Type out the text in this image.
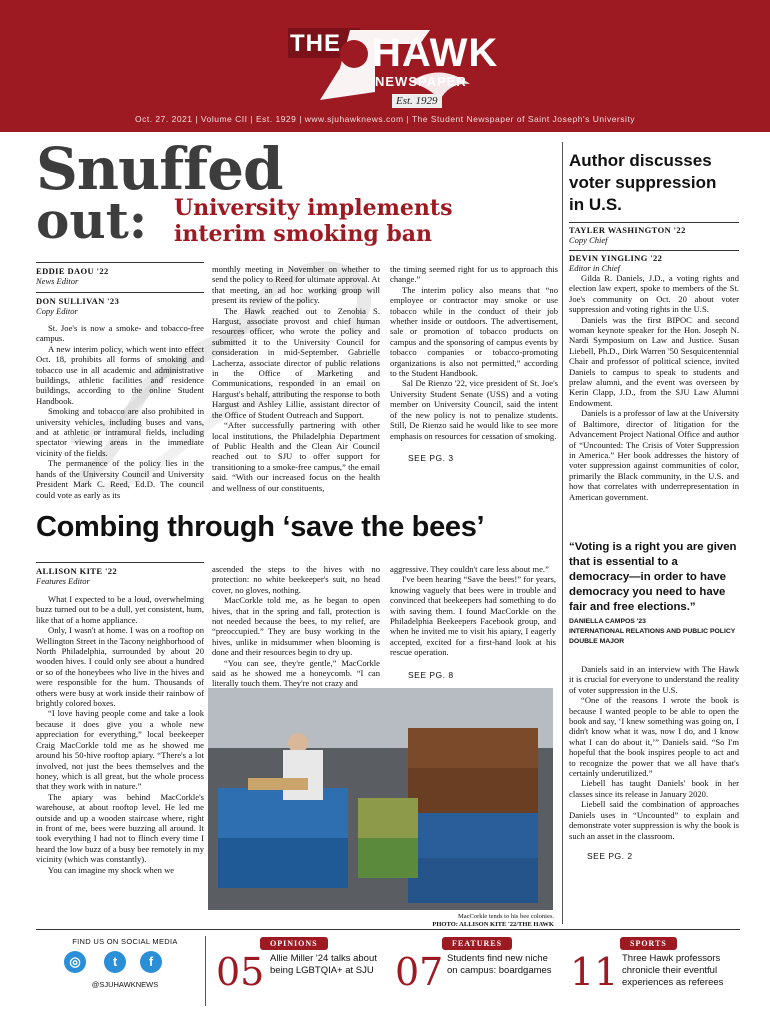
THE HAWK
NEWSPAPER
Est. 1929
Oct. 27. 2021 | Volume CII | Est. 1929 | www.sjuhawknews.com | The Student Newspaper of Saint Joseph's University
Snuffed
out: University implements
interim smoking ban
EDDIE DAOU '22
News Editor
DON SULLIVAN '23
Copy Editor

St. Joe's is now a smoke- and tobacco-free campus.

A new interim policy, which went into effect Oct. 18, prohibits all forms of smoking and tobacco use in all academic and administrative buildings, athletic facilities and residence buildings, according to the online Student Handbook.

Smoking and tobacco are also prohibited in university vehicles, including buses and vans, and at athletic or intramural fields, including spectator viewing areas in the immediate vicinity of the fields.

The permanence of the policy lies in the hands of the University Council and University President Mark C. Reed, Ed.D. The council could vote as early as its

monthly meeting in November on whether to send the policy to Reed for ultimate approval. At that meeting, an ad hoc working group will present its review of the policy.

The Hawk reached out to Zenobia S. Hargust, associate provost and chief human resources officer, who wrote the policy and submitted it to the University Council for consideration in mid-September. Gabrielle Lacherza, associate director of public relations in the Office of Marketing and Communications, responded in an email on Hargust's behalf, attributing the response to both Hargust and Ashley Lillie, assistant director of the Office of Student Outreach and Support.

“After successfully partnering with other local institutions, the Philadelphia Department of Public Health and the Clean Air Council reached out to SJU to offer support for transitioning to a smoke-free campus,” the email said. “With our increased focus on the health and wellness of our constituents,

the timing seemed right for us to approach this change.”

The interim policy also means that “no employee or contractor may smoke or use tobacco while in the conduct of their job whether inside or outdoors. The advertisement, sale or promotion of tobacco products on campus and the sponsoring of campus events by tobacco companies or tobacco-promoting organizations is also not permitted,” according to the Student Handbook.

Sal De Rienzo '22, vice president of St. Joe's University Student Senate (USS) and a voting member on University Council, said the intent of the new policy is not to penalize students. Still, De Rienzo said he would like to see more emphasis on resources for cessation of smoking.

SEE PG. 3
Author discusses
voter suppression
in U.S.
TAYLER WASHINGTON '22
Copy Chief
DEVIN YINGLING '22
Editor in Chief

Gilda R. Daniels, J.D., a voting rights and election law expert, spoke to members of the St. Joe's community on Oct. 20 about voter suppression and voting rights in the U.S.

Daniels was the first BIPOC and second woman keynote speaker for the Hon. Joseph N. Nardi Symposium on Law and Justice. Susan Liebell, Ph.D., Dirk Warren '50 Sesquicentennial Chair and professor of political science, invited Daniels to campus to speak to students and prelaw alumni, and the event was overseen by Kerin Clapp, J.D., from the SJU Law Alumni Endowment.

Daniels is a professor of law at the University of Baltimore, director of litigation for the Advancement Project National Office and author of “Uncounted: The Crisis of Voter Suppression in America.” Her book addresses the history of voter suppression against communities of color, primarily the Black community, in the U.S. and how that correlates with underrepresentation in American government.

“Voting is a right you are given that is essential to a democracy—in order to have democracy you need to have fair and free elections.”
DANIELLA CAMPOS '23
INTERNATIONAL RELATIONS AND PUBLIC POLICY DOUBLE MAJOR

Daniels said in an interview with The Hawk it is crucial for everyone to understand the reality of voter suppression in the U.S.

“One of the reasons I wrote the book is because I wanted people to be able to open the book and say, ‘I knew something was going on, I didn't know what it was, now I do, and I know what I can do about it,’” Daniels said. “So I'm hopeful that the book inspires people to act and to recognize the power that we all have that's certainly underutilized.”

Liebell has taught Daniels' book in her classes since its release in January 2020.

Liebell said the combination of approaches Daniels uses in “Uncounted” to explain and demonstrate voter suppression is why the book is such an asset in the classroom.

SEE PG. 2
Combing through ‘save the bees’
ALLISON KITE '22
Features Editor

What I expected to be a loud, overwhelming buzz turned out to be a dull, yet consistent, hum, like that of a home appliance.

Only, I wasn't at home. I was on a rooftop on Wellington Street in the Tacony neighborhood of North Philadelphia, surrounded by about 20 wooden hives. I could only see about a hundred or so of the honeybees who live in the hives and were responsible for the hum. Thousands of others were busy at work inside their rainbow of brightly colored boxes.

“I love having people come and take a look because it does give you a whole new appreciation for everything,” local beekeeper Craig MacCorkle told me as he showed me around his 50-hive rooftop apiary. “There's a lot involved, not just the bees themselves and the honey, which is all great, but the whole process that they work with in nature.”

The apiary was behind MacCorkle's warehouse, at about rooftop level. He led me outside and up a wooden staircase where, right in front of me, bees were buzzing all around. It took everything I had not to flinch every time I heard the low buzz of a busy bee remotely in my vicinity (which was constantly).

You can imagine my shock when we

ascended the steps to the hives with no protection: no white beekeeper's suit, no head cover, no gloves, nothing.

MacCorkle told me, as he began to open hives, that in the spring and fall, protection is not needed because the bees, to my relief, are “preoccupied.” They are busy working in the hives, unlike in midsummer when blooming is done and their resources begin to dry up.

“You can see, they're gentle,” MacCorkle said as he showed me a honeycomb. “I can literally touch them. They're not crazy and

aggressive. They couldn't care less about me.”

I've been hearing “Save the bees!” for years, knowing vaguely that bees were in trouble and convinced that beekeepers had something to do with saving them. I found MacCorkle on the Philadelphia Beekeepers Facebook group, and when he invited me to visit his apiary, I eagerly accepted, excited for a first-hand look at his rescue operation.

SEE PG. 8
MacCorkle tends to his bee colonies.
PHOTO: ALLISON KITE '22/THE HAWK
FIND US ON SOCIAL MEDIA
◎	t	f
@SJUHAWKNEWS
OPINIONS
05 Allie Miller '24 talks about being LGBTQIA+ at SJU
FEATURES
07 Students find new niche on campus: boardgames
SPORTS
11 Three Hawk professors chronicle their eventful experiences as referees
